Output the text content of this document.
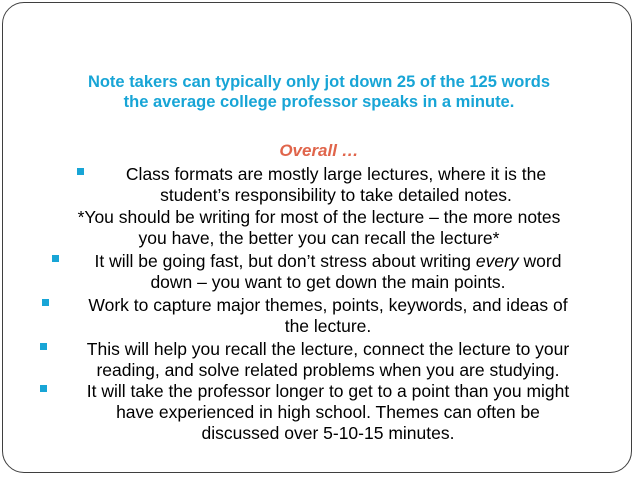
Note takers can typically only jot down 25 of the 125 words
the average college professor speaks in a minute.
Overall …
Class formats are mostly large lectures, where it is the
student’s responsibility to take detailed notes.
*You should be writing for most of the lecture – the more notes
you have, the better you can recall the lecture*
It will be going fast, but don’t stress about writing every word
down – you want to get down the main points.
Work to capture major themes, points, keywords, and ideas of
the lecture.
This will help you recall the lecture, connect the lecture to your
reading, and solve related problems when you are studying.
It will take the professor longer to get to a point than you might
have experienced in high school. Themes can often be
discussed over 5-10-15 minutes.
